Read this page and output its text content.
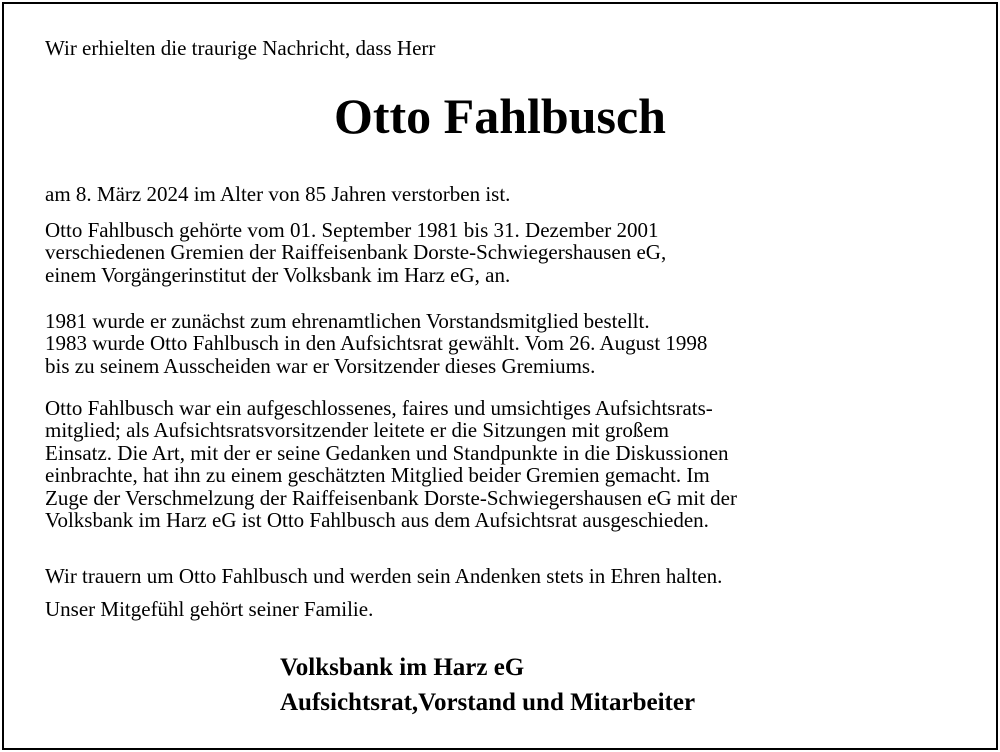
Wir erhielten die traurige Nachricht, dass Herr
Otto Fahlbusch
am 8. März 2024 im Alter von 85 Jahren verstorben ist.
Otto Fahlbusch gehörte vom 01. September 1981 bis 31. Dezember 2001
verschiedenen Gremien der Raiffeisenbank Dorste-Schwiegershausen eG,
einem Vorgängerinstitut der Volksbank im Harz eG, an.
1981 wurde er zunächst zum ehrenamtlichen Vorstandsmitglied bestellt.
1983 wurde Otto Fahlbusch in den Aufsichtsrat gewählt. Vom 26. August 1998
bis zu seinem Ausscheiden war er Vorsitzender dieses Gremiums.
Otto Fahlbusch war ein aufgeschlossenes, faires und umsichtiges Aufsichtsrats-
mitglied; als Aufsichtsratsvorsitzender leitete er die Sitzungen mit großem
Einsatz. Die Art, mit der er seine Gedanken und Standpunkte in die Diskussionen
einbrachte, hat ihn zu einem geschätzten Mitglied beider Gremien gemacht. Im
Zuge der Verschmelzung der Raiffeisenbank Dorste-Schwiegershausen eG mit der
Volksbank im Harz eG ist Otto Fahlbusch aus dem Aufsichtsrat ausgeschieden.
Wir trauern um Otto Fahlbusch und werden sein Andenken stets in Ehren halten.
Unser Mitgefühl gehört seiner Familie.
Volksbank im Harz eG
Aufsichtsrat,Vorstand und Mitarbeiter
